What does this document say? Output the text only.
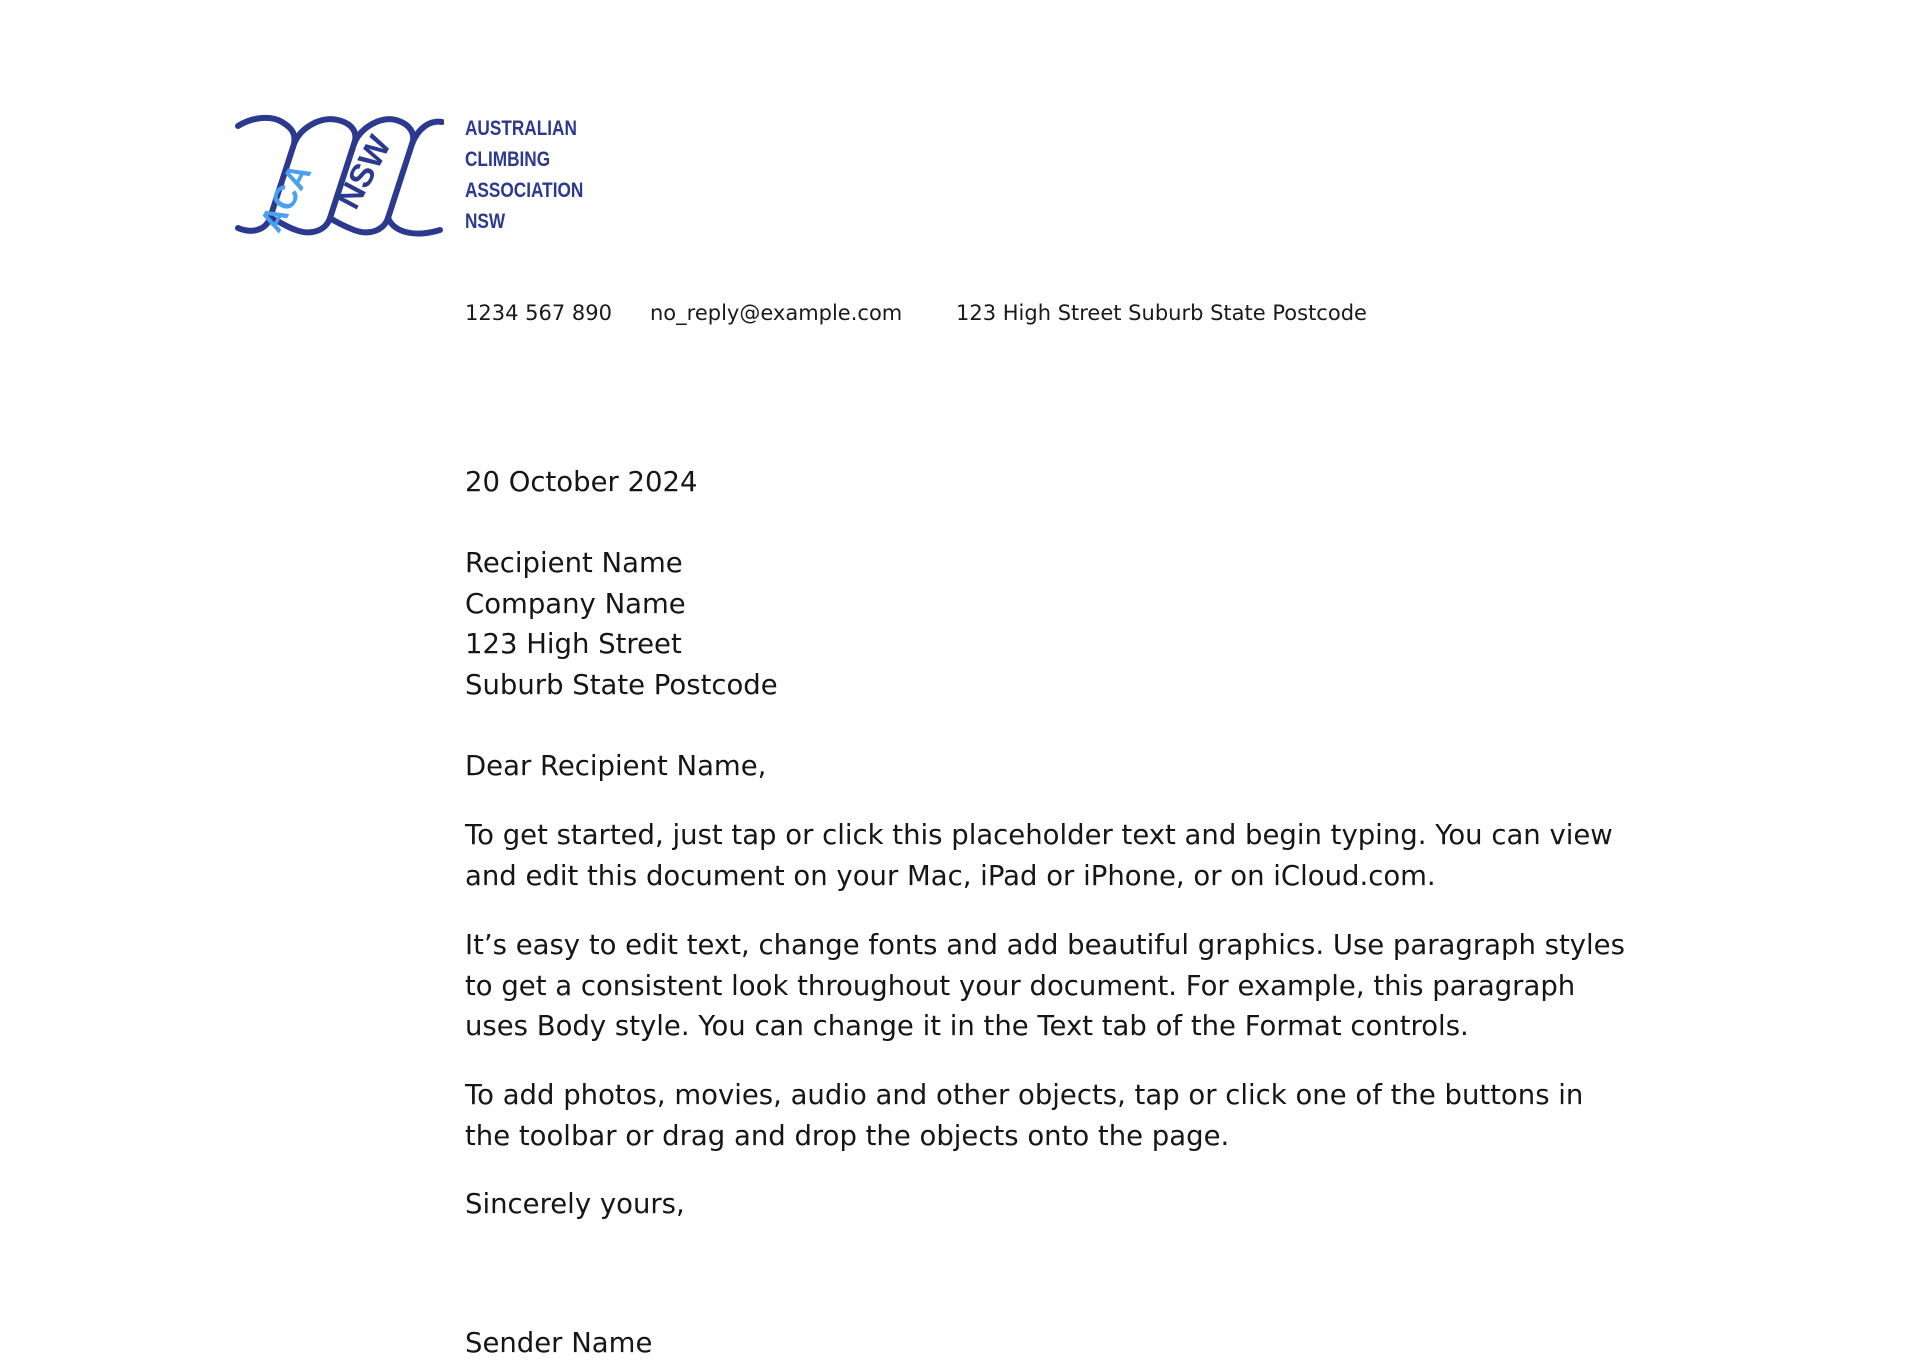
ACA NSW
AUSTRALIAN
CLIMBING
ASSOCIATION
NSW
1234 567 890 no_reply@example.com	123 High Street Suburb State Postcode
20 October 2024
Recipient Name
Company Name
123 High Street
Suburb State Postcode
Dear Recipient Name,
To get started, just tap or click this placeholder text and begin typing. You can view and edit this document on your Mac, iPad or iPhone, or on iCloud.com.
It’s easy to edit text, change fonts and add beautiful graphics. Use paragraph styles to get a consistent look throughout your document. For example, this paragraph uses Body style. You can change it in the Text tab of the Format controls.
To add photos, movies, audio and other objects, tap or click one of the buttons in the toolbar or drag and drop the objects onto the page.
Sincerely yours,
Sender Name
